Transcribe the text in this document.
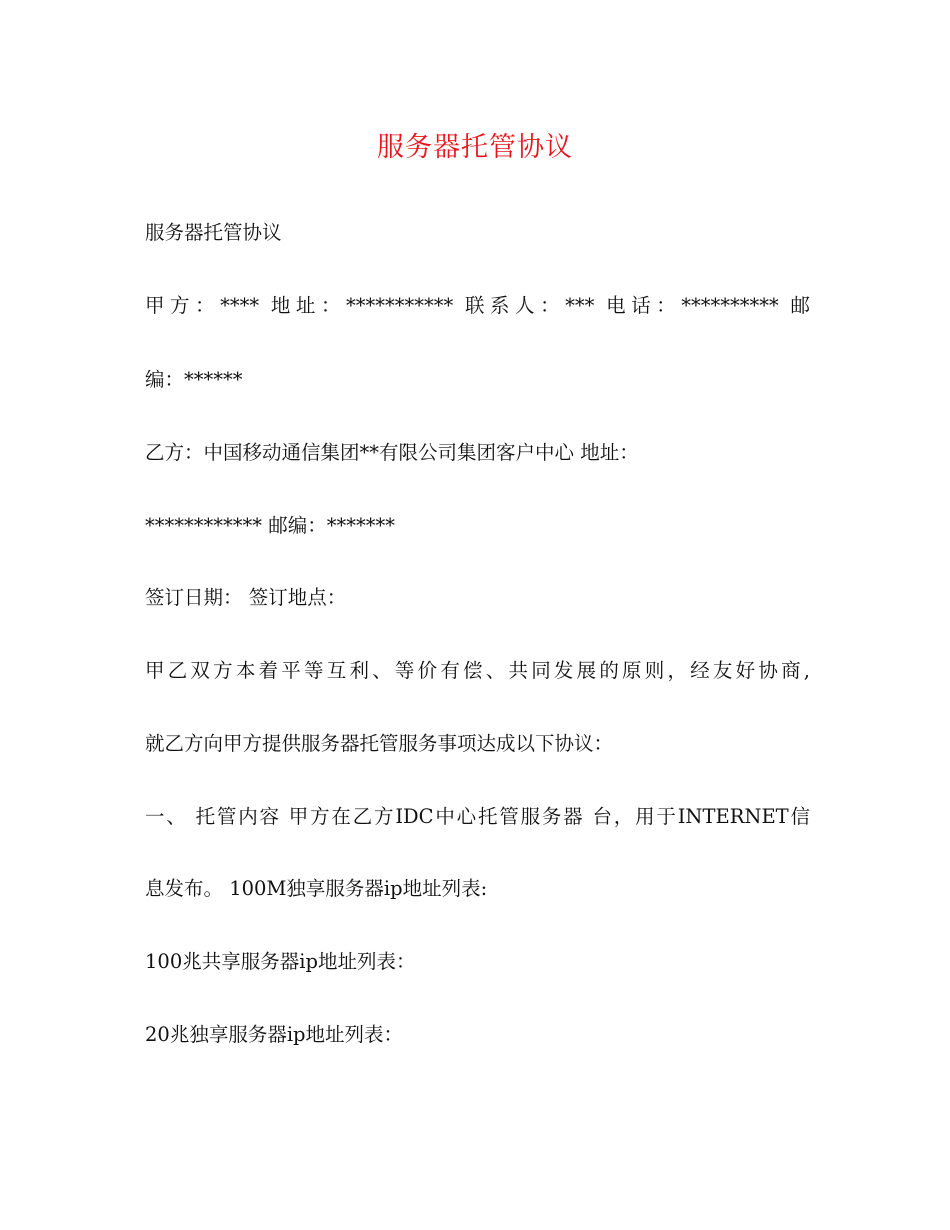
服务器托管协议
服务器托管协议
甲方：**** 地址：*********** 联系人：*** 电话：********** 邮
编：******
乙方：中国移动通信集团**有限公司集团客户中心 地址：
************ 邮编：*******
签订日期： 签订地点：
甲乙双方本着平等互利、等价有偿、共同发展的原则，经友好协商,
就乙方向甲方提供服务器托管服务事项达成以下协议：
一、 托管内容 甲方在乙方IDC中心托管服务器 台，用于INTERNET信
息发布。 100M独享服务器ip地址列表:
100兆共享服务器ip地址列表：
20兆独享服务器ip地址列表：
